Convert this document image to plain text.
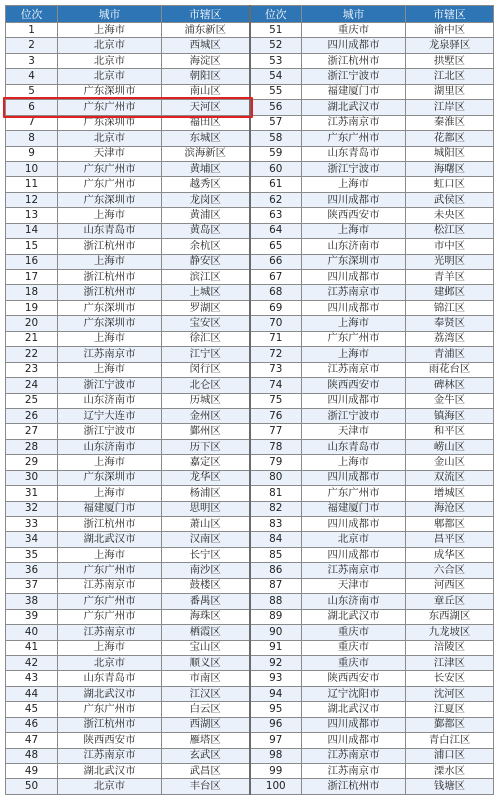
位次	城市	市辖区	位次	城市	市辖区
1	上海市	浦东新区	51	重庆市	渝中区
2	北京市	西城区	52	四川成都市	龙泉驿区
3	北京市	海淀区	53	浙江杭州市	拱墅区
4	北京市	朝阳区	54	浙江宁波市	江北区
5	广东深圳市	南山区	55	福建厦门市	湖里区
6	广东广州市	天河区	56	湖北武汉市	江岸区
7	广东深圳市	福田区	57	江苏南京市	秦淮区
8	北京市	东城区	58	广东广州市	花都区
9	天津市	滨海新区	59	山东青岛市	城阳区
10	广东广州市	黄埔区	60	浙江宁波市	海曙区
11	广东广州市	越秀区	61	上海市	虹口区
12	广东深圳市	龙岗区	62	四川成都市	武侯区
13	上海市	黄浦区	63	陕西西安市	未央区
14	山东青岛市	黄岛区	64	上海市	松江区
15	浙江杭州市	余杭区	65	山东济南市	市中区
16	上海市	静安区	66	广东深圳市	光明区
17	浙江杭州市	滨江区	67	四川成都市	青羊区
18	浙江杭州市	上城区	68	江苏南京市	建邺区
19	广东深圳市	罗湖区	69	四川成都市	锦江区
20	广东深圳市	宝安区	70	上海市	奉贤区
21	上海市	徐汇区	71	广东广州市	荔湾区
22	江苏南京市	江宁区	72	上海市	青浦区
23	上海市	闵行区	73	江苏南京市	雨花台区
24	浙江宁波市	北仑区	74	陕西西安市	碑林区
25	山东济南市	历城区	75	四川成都市	金牛区
26	辽宁大连市	金州区	76	浙江宁波市	镇海区
27	浙江宁波市	鄞州区	77	天津市	和平区
28	山东济南市	历下区	78	山东青岛市	崂山区
29	上海市	嘉定区	79	上海市	金山区
30	广东深圳市	龙华区	80	四川成都市	双流区
31	上海市	杨浦区	81	广东广州市	增城区
32	福建厦门市	思明区	82	福建厦门市	海沧区
33	浙江杭州市	萧山区	83	四川成都市	郫都区
34	湖北武汉市	汉南区	84	北京市	昌平区
35	上海市	长宁区	85	四川成都市	成华区
36	广东广州市	南沙区	86	江苏南京市	六合区
37	江苏南京市	鼓楼区	87	天津市	河西区
38	广东广州市	番禺区	88	山东济南市	章丘区
39	广东广州市	海珠区	89	湖北武汉市	东西湖区
40	江苏南京市	栖霞区	90	重庆市	九龙坡区
41	上海市	宝山区	91	重庆市	涪陵区
42	北京市	顺义区	92	重庆市	江津区
43	山东青岛市	市南区	93	陕西西安市	长安区
44	湖北武汉市	江汉区	94	辽宁沈阳市	沈河区
45	广东广州市	白云区	95	湖北武汉市	江夏区
46	浙江杭州市	西湖区	96	四川成都市	鄞都区
47	陕西西安市	雁塔区	97	四川成都市	青白江区
48	江苏南京市	玄武区	98	江苏南京市	浦口区
49	湖北武汉市	武昌区	99	江苏南京市	溧水区
50	北京市	丰台区	100	浙江杭州市	钱塘区
